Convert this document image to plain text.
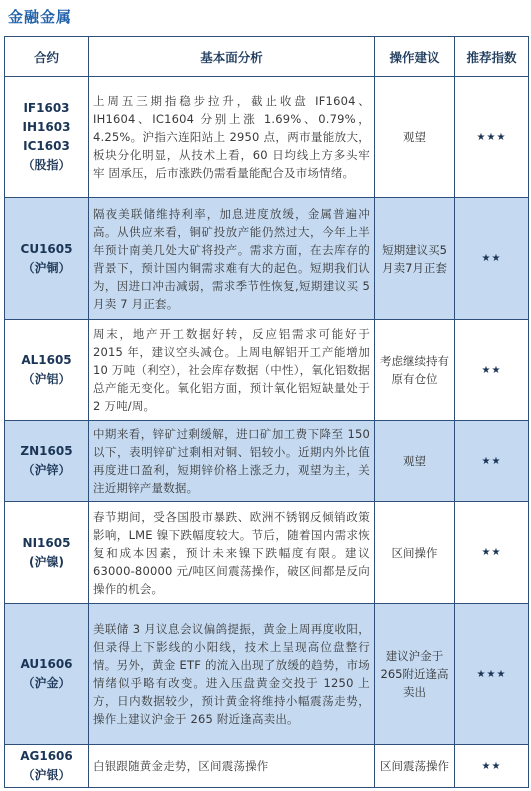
金融金属
合约	基本面分析	操作建议	推荐指数

IF1603
IH1603
IC1603
（股指）	上周五三期指稳步拉升，截止收盘 IF1604、IH1604、IC1604 分别上涨 1.69%、0.79%，4.25%。沪指六连阳站上 2950 点，两市量能放大，板块分化明显，从技术上看，60 日均线上方多头牢 牢 固承压，后市涨跌仍需看量能配合及市场情绪。	观望	★★★

CU1605
（沪铜）	隔夜美联储维持利率，加息进度放缓，金属普遍冲高。从供应来看，铜矿投放产能仍然过大，今年上半年预计南美几处大矿将投产。需求方面，在去库存的背景下，预计国内铜需求难有大的起色。短期我们认为，因进口冲击减弱，需求季节性恢复,短期建议买 5 月卖 7 月正套。	短期建议买5月卖7月正套	★★

AL1605
（沪铝）	周末，地产开工数据好转，反应铝需求可能好于 2015 年，建议空头减仓。上周电解铝开工产能增加 10 万吨（利空），社会库存数据（中性），氧化铝数据总产能无变化。氧化铝方面，预计氧化铝短缺量处于 2 万吨/周。	考虑继续持有原有仓位	★★

ZN1605
（沪锌）	中期来看，锌矿过剩缓解，进口矿加工费下降至 150 以下，表明锌矿过剩相对铜、铝较小。近期内外比值再度进口盈利，短期锌价格上涨乏力，观望为主，关注近期锌产量数据。	观望	★★

NI1605
(沪镍)	春节期间，受各国股市暴跌、欧洲不锈钢反倾销政策影响，LME 镍下跌幅度较大。节后，随着国内需求恢复和成本因素，预计未来镍下跌幅度有限。建议 63000-80000 元/吨区间震荡操作，破区间都是反向操作的机会。	区间操作	★★

AU1606
（沪金）	美联储 3 月议息会议偏鸽提振，黄金上周再度收阳，但录得上下影线的小阳线，技术上呈现高位盘整行情。另外，黄金 ETF 的流入出现了放缓的趋势，市场情绪似乎略有改变。进入压盘黄金交投于 1250 上方，日内数据较少，预计黄金将维持小幅震荡走势，操作上建议沪金于 265 附近逢高卖出。	建议沪金于265附近逢高卖出	★★★

AG1606
（沪银）	白银跟随黄金走势，区间震荡操作	区间震荡操作	★★
